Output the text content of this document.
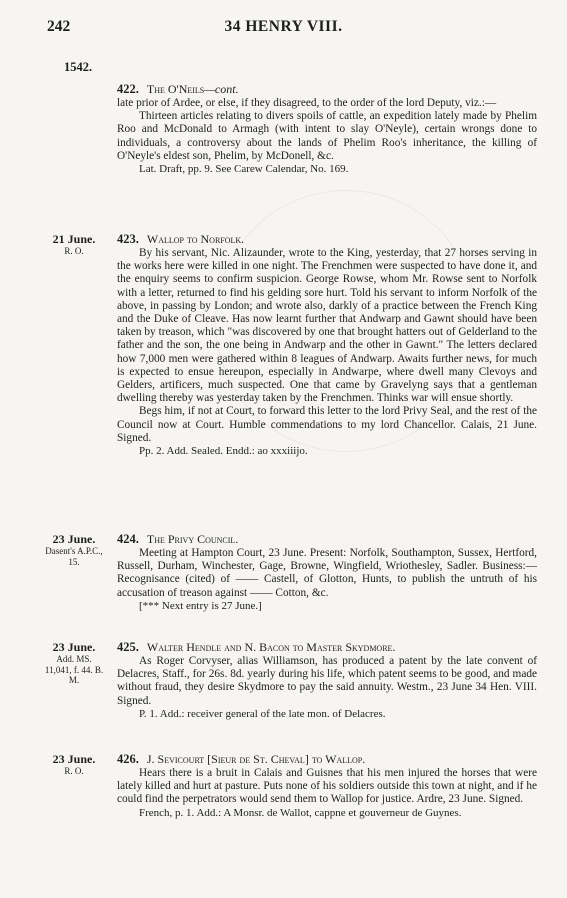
34 HENRY VIII.
242
1542.
422. The O'Neils—cont.

late prior of Ardee, or else, if they disagreed, to the order of the lord Deputy, viz.:—

Thirteen articles relating to divers spoils of cattle, an expedition lately made by Phelim Roo and McDonald to Armagh (with intent to slay O'Neyle), certain wrongs done to individuals, a controversy about the lands of Phelim Roo's inheritance, the killing of O'Neyle's eldest son, Phelim, by McDonell, &c.

Lat. Draft, pp. 9. See Carew Calendar, No. 169.
21 June.
R. O.
423. Wallop to Norfolk.

By his servant, Nic. Alizaunder, wrote to the King, yesterday, that 27 horses serving in the works here were killed in one night. The Frenchmen were suspected to have done it, and the enquiry seems to confirm suspicion. George Rowse, whom Mr. Rowse sent to Norfolk with a letter, returned to find his gelding sore hurt. Told his servant to inform Norfolk of the above, in passing by London; and wrote also, darkly of a practice between the French King and the Duke of Cleave. Has now learnt further that Andwarp and Gawnt should have been taken by treason, which "was discovered by one that brought hatters out of Gelderland to the father and the son, the one being in Andwarp and the other in Gawnt." The letters declared how 7,000 men were gathered within 8 leagues of Andwarp. Awaits further news, for much is expected to ensue hereupon, especially in Andwarpe, where dwell many Clevoys and Gelders, artificers, much suspected. One that came by Gravelyng says that a gentleman dwelling thereby was yesterday taken by the Frenchmen. Thinks war will ensue shortly.

Begs him, if not at Court, to forward this letter to the lord Privy Seal, and the rest of the Council now at Court. Humble commendations to my lord Chancellor. Calais, 21 June. Signed.

Pp. 2. Add. Sealed. Endd.: ao xxxiiijo.
23 June.
Dasent's A.P.C., 15.
424. The Privy Council.

Meeting at Hampton Court, 23 June. Present: Norfolk, Southampton, Sussex, Hertford, Russell, Durham, Winchester, Gage, Browne, Wingfield, Wriothesley, Sadler. Business:—Recognisance (cited) of —— Castell, of Glotton, Hunts, to publish the untruth of his accusation of treason against —— Cotton, &c.

[*** Next entry is 27 June.]
23 June.
Add. MS. 11,041, f. 44. B. M.
425. Walter Hendle and N. Bacon to Master Skydmore.

As Roger Corvyser, alias Williamson, has produced a patent by the late convent of Delacres, Staff., for 26s. 8d. yearly during his life, which patent seems to be good, and made without fraud, they desire Skydmore to pay the said annuity. Westm., 23 June 34 Hen. VIII. Signed.

P. 1. Add.: receiver general of the late mon. of Delacres.
23 June.
R. O.
426. J. Sevicourt [Sieur de St. Cheval] to Wallop.

Hears there is a bruit in Calais and Guisnes that his men injured the horses that were lately killed and hurt at pasture. Puts none of his soldiers outside this town at night, and if he could find the perpetrators would send them to Wallop for justice. Ardre, 23 June. Signed.

French, p. 1. Add.: A Monsr. de Wallot, cappne et gouverneur de Guynes.
